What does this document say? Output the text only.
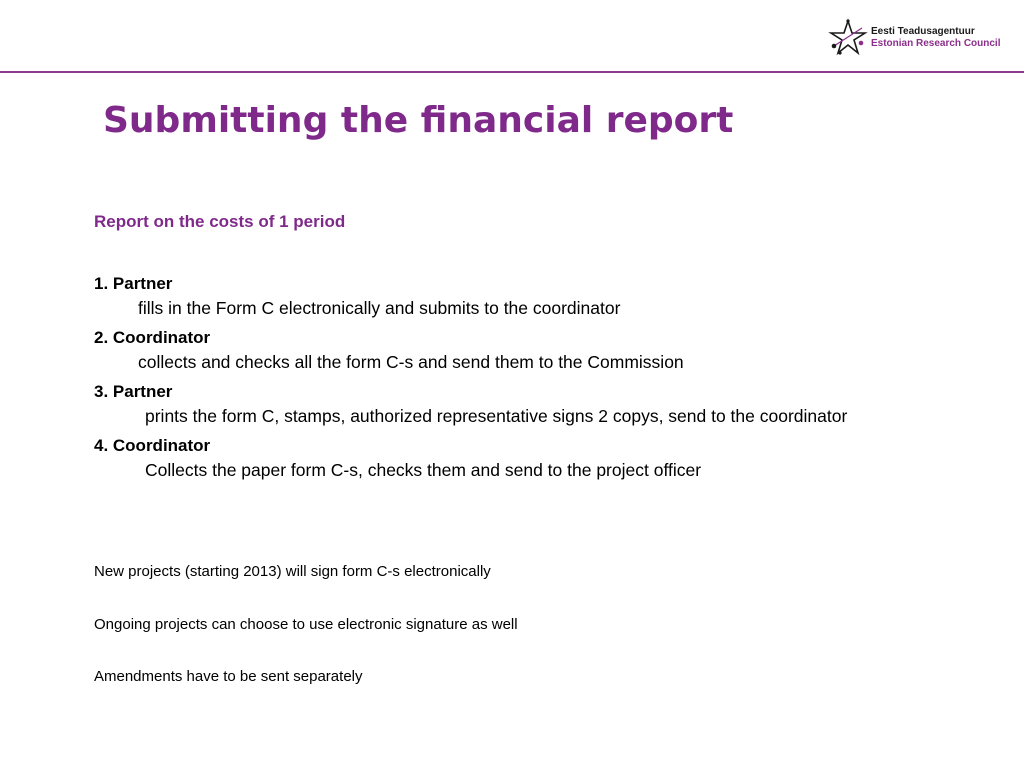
Eesti Teadusagentuur
Estonian Research Council
Submitting the financial report
Report on the costs of 1 period
1. Partner
fills in the Form C electronically and submits to the coordinator
2. Coordinator
collects and checks all the form C-s and send them to the Commission
3. Partner
prints the form C, stamps, authorized representative signs 2 copys, send to the coordinator
4. Coordinator
Collects the paper form C-s, checks them and send to the project officer
New projects (starting 2013) will sign form C-s electronically
Ongoing projects can choose to use electronic signature as well
Amendments have to be sent separately
